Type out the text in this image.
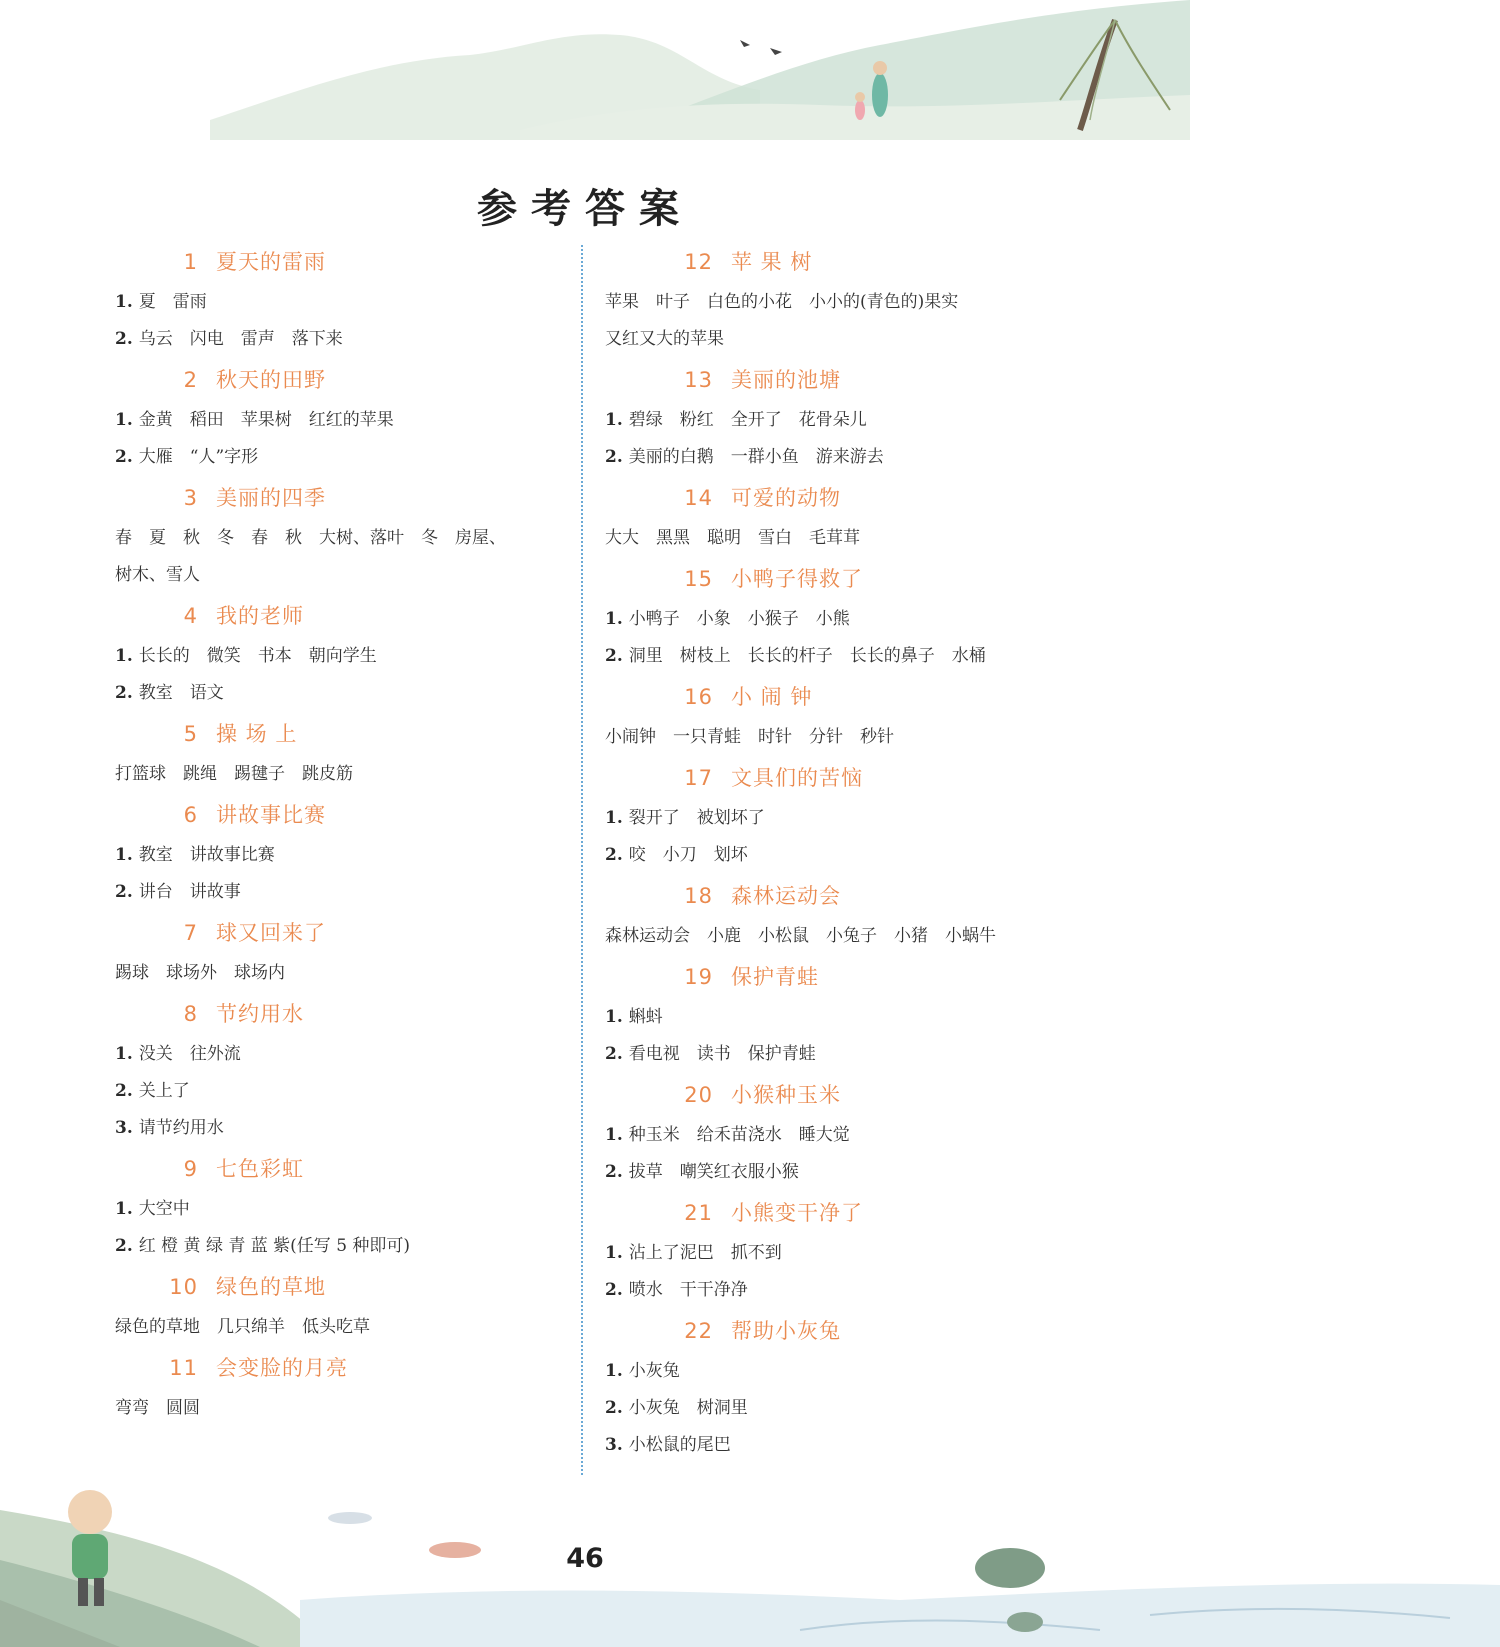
参考答案
1 夏天的雷雨
1. 夏　雷雨
2. 乌云　闪电　雷声　落下来
2 秋天的田野
1. 金黄　稻田　苹果树　红红的苹果
2. 大雁　“人”字形
3 美丽的四季
春　夏　秋　冬　春　秋　大树、落叶　冬　房屋、
树木、雪人
4 我的老师
1. 长长的　微笑　书本　朝向学生
2. 教室　语文
5 操 场 上
打篮球　跳绳　踢毽子　跳皮筋
6 讲故事比赛
1. 教室　讲故事比赛
2. 讲台　讲故事
7 球又回来了
踢球　球场外　球场内
8 节约用水
1. 没关　往外流
2. 关上了
3. 请节约用水
9 七色彩虹
1. 大空中
2. 红 橙 黄 绿 青 蓝 紫(任写 5 种即可)
10 绿色的草地
绿色的草地　几只绵羊　低头吃草
11 会变脸的月亮
弯弯　圆圆
12 苹 果 树
苹果　叶子　白色的小花　小小的(青色的)果实
又红又大的苹果
13 美丽的池塘
1. 碧绿　粉红　全开了　花骨朵儿
2. 美丽的白鹅　一群小鱼　游来游去
14 可爱的动物
大大　黑黑　聪明　雪白　毛茸茸
15 小鸭子得救了
1. 小鸭子　小象　小猴子　小熊
2. 洞里　树枝上　长长的杆子　长长的鼻子　水桶
16 小 闹 钟
小闹钟　一只青蛙　时针　分针　秒针
17 文具们的苦恼
1. 裂开了　被划坏了
2. 咬　小刀　划坏
18 森林运动会
森林运动会　小鹿　小松鼠　小兔子　小猪　小蜗牛
19 保护青蛙
1. 蝌蚪
2. 看电视　读书　保护青蛙
20 小猴种玉米
1. 种玉米　给禾苗浇水　睡大觉
2. 拔草　嘲笑红衣服小猴
21 小熊变干净了
1. 沾上了泥巴　抓不到
2. 喷水　干干净净
22 帮助小灰兔
1. 小灰兔
2. 小灰兔　树洞里
3. 小松鼠的尾巴
46
